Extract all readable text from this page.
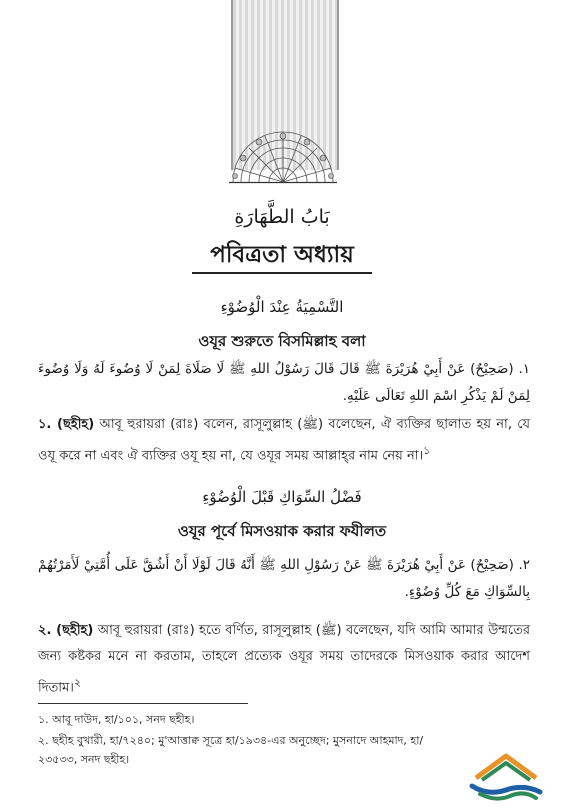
بَابُ الطَّهَارَةِ
পবিত্রতা অধ্যায়
التَّسْمِيَةُ عِنْدَ الْوُضُوْءِ
ওযূর শুরুতে বিসমিল্লাহ বলা
١. (صَحِيْحٌ) عَنْ أَبِيْ هُرَيْرَةَ ﷺ قَالَ قَالَ رَسُوْلُ اللهِ ﷺ لَا صَلَاةَ لِمَنْ لَا وُضُوءَ لَهُ وَلَا وُضُوءَ لِمَنْ لَمْ يَذْكُرِ اسْمَ اللهِ تَعَالَى عَلَيْهِ.
১. (ছহীহ) আবূ হুরায়রা (রাঃ) বলেন, রাসূলুল্লাহ (ﷺ) বলেছেন, ঐ ব্যক্তির ছালাত হয় না, যে ওযূ করে না এবং ঐ ব্যক্তির ওযূ হয় না, যে ওযূর সময় আল্লাহ্‌র নাম নেয় না।$^১$
فَضْلُ السِّوَاكِ قَبْلَ الْوُضُوْءِ
ওযূর পূর্বে মিসওয়াক করার ফযীলত
٢. (صَحِيْحٌ) عَنْ أَبِيْ هُرَيْرَةَ ﷺ عَنْ رَسُوْلِ اللهِ ﷺ أَنَّهُ قَالَ لَوْلَا أَنْ أَشُقَّ عَلَى أُمَّتِيْ لَأَمَرْتُهُمْ بِالسِّوَاكِ مَعَ كُلِّ وُضُوْءٍ.
২. (ছহীহ) আবূ হুরায়রা (রাঃ) হতে বর্ণিত, রাসূলুল্লাহ (ﷺ) বলেছেন, যদি আমি আমার উম্মতের জন্য কষ্টকর মনে না করতাম, তাহলে প্রত্যেক ওযূর সময় তাদেরকে মিসওয়াক করার আদেশ দিতাম।$^২$
১. আবূ দাউদ, হা/১০১, সনদ ছহীহ।
২. ছহীহ বুখারী, হা/৭২৪০; মু'আত্তাক্ব সূত্রে হা/১৯৩৪-এর অনুচ্ছেদ; মুসনাদে আহমাদ, হা/২৩৫৩৩, সনদ ছহীহ।
